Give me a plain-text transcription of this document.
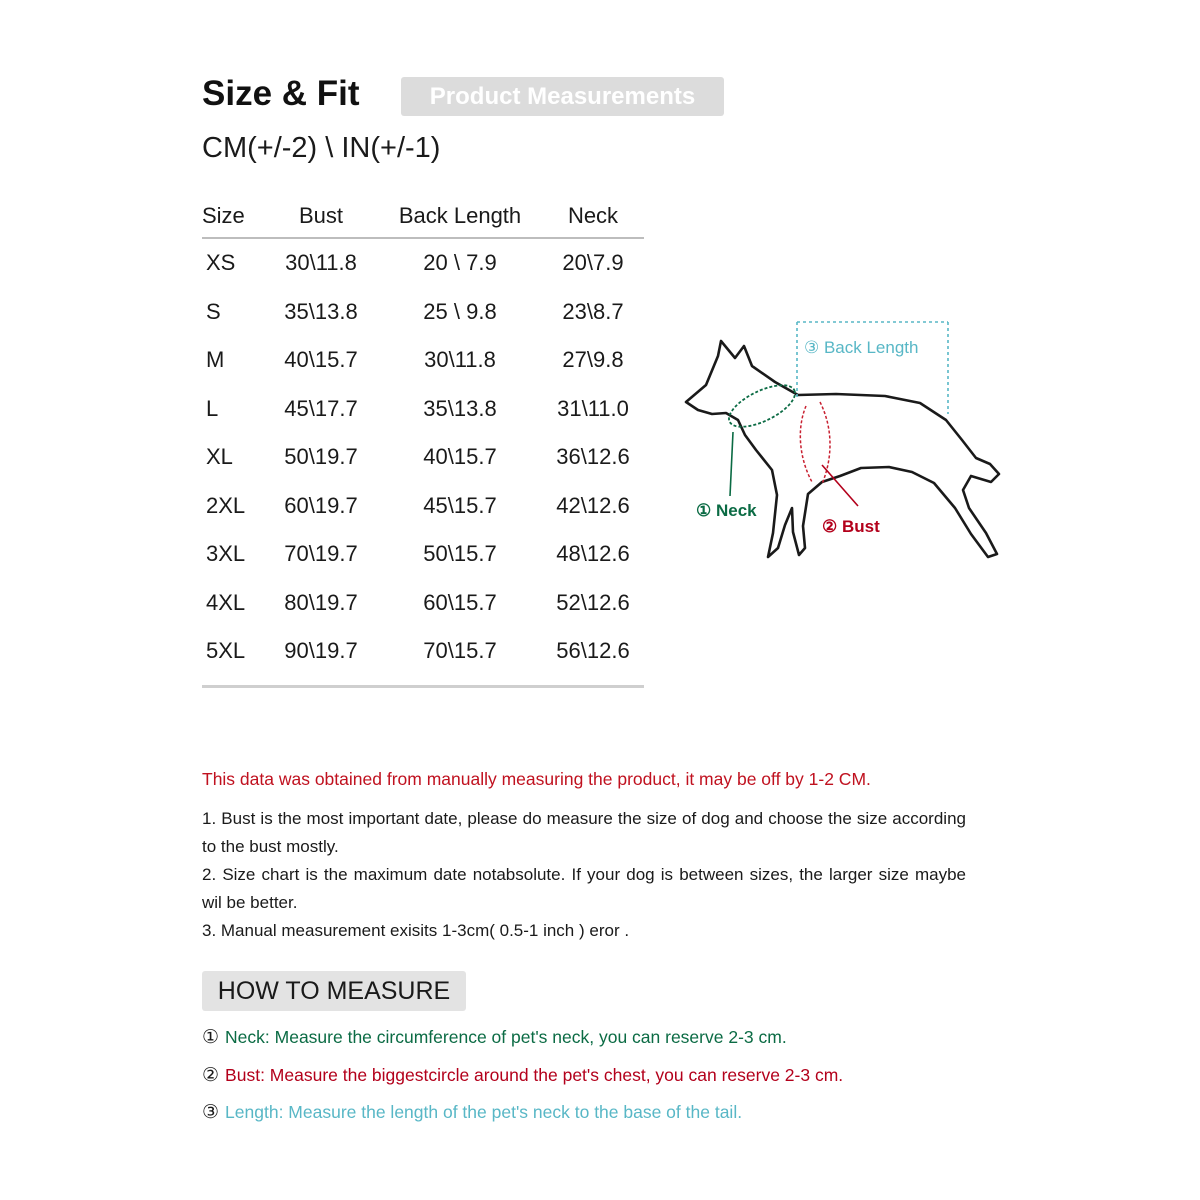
Size & Fit	Product Measurements
CM(+/-2) \ IN(+/-1)
Size	Bust	Back Length	Neck
XS	30\11.8	20 \ 7.9	20\7.9
S	35\13.8	25 \ 9.8	23\8.7
M	40\15.7	30\11.8	27\9.8
L	45\17.7	35\13.8	31\11.0
XL	50\19.7	40\15.7	36\12.6
2XL	60\19.7	45\15.7	42\12.6
3XL	70\19.7	50\15.7	48\12.6
4XL	80\19.7	60\15.7	52\12.6
5XL	90\19.7	70\15.7	56\12.6
③ Back Length
① Neck
② Bust
This data was obtained from manually measuring the product, it may be off by 1-2 CM.
1. Bust is the most important date, please do measure the size of dog and choose the size according to the bust mostly.
2. Size chart is the maximum date notabsolute. If your dog is between sizes, the larger size maybe wil be better.
3. Manual measurement exisits 1-3cm( 0.5-1 inch ) eror .
HOW TO MEASURE
① Neck: Measure the circumference of pet's neck, you can reserve 2-3 cm.
② Bust: Measure the biggestcircle around the pet's chest, you can reserve 2-3 cm.
③ Length: Measure the length of the pet's neck to the base of the tail.
